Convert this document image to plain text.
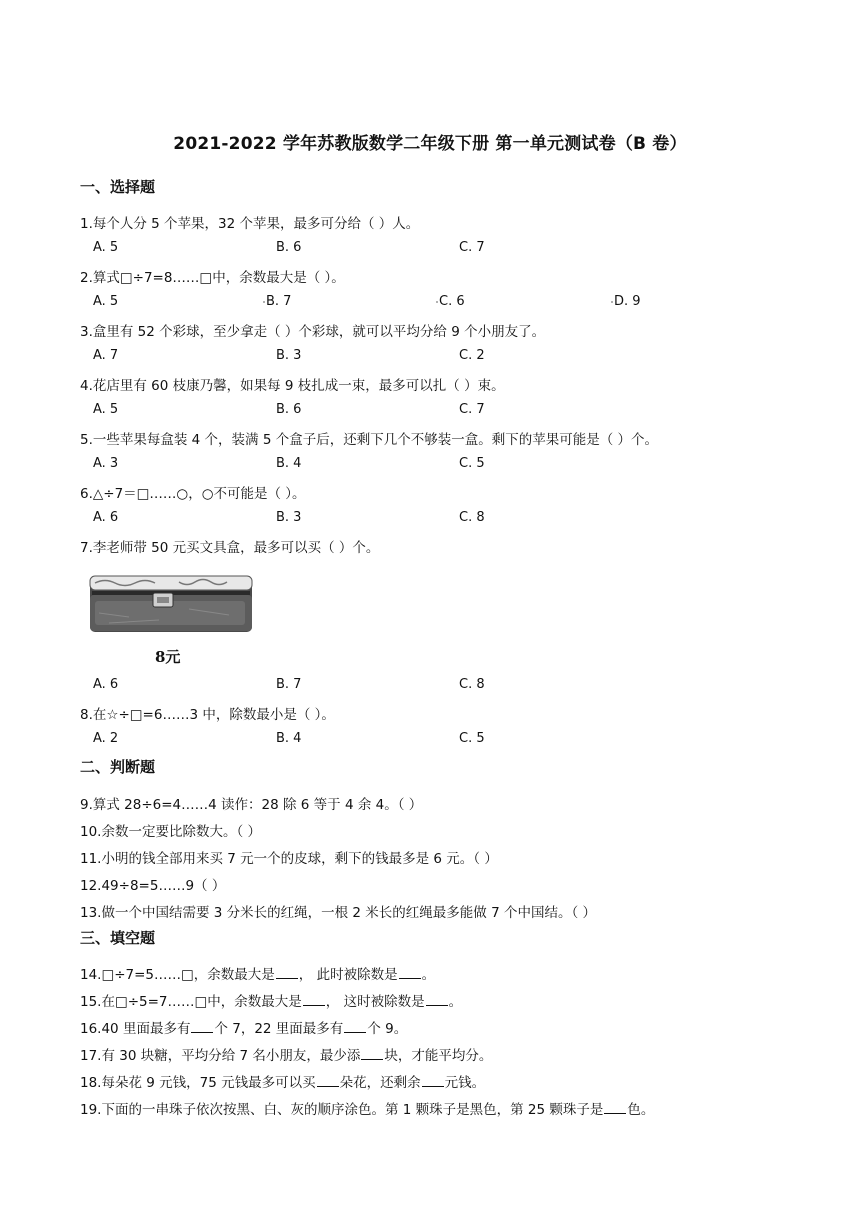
2021-2022 学年苏教版数学二年级下册 第一单元测试卷（B 卷）
一、选择题
1.每个人分 5 个苹果，32 个苹果，最多可分给（ ）人。
A. 5	B. 6	C. 7
2.算式□÷7=8……□中，余数最大是（ ）。
A. 5	B. 7	C. 6	D. 9
3.盒里有 52 个彩球，至少拿走（ ）个彩球，就可以平均分给 9 个小朋友了。
A. 7	B. 3	C. 2
4.花店里有 60 枝康乃馨，如果每 9 枝扎成一束，最多可以扎（ ）束。
A. 5	B. 6	C. 7
5.一些苹果每盒装 4 个，装满 5 个盒子后，还剩下几个不够装一盒。剩下的苹果可能是（ ）个。
A. 3	B. 4	C. 5
6.△÷7＝□……○，○不可能是（ ）。
A. 6	B. 3	C. 8
7.李老师带 50 元买文具盒，最多可以买（ ）个。
8元
A. 6	B. 7	C. 8
8.在☆÷□=6……3 中，除数最小是（ ）。
A. 2	B. 4	C. 5
二、判断题
9.算式 28÷6=4……4 读作：28 除 6 等于 4 余 4。（ ）
10.余数一定要比除数大。（ ）
11.小明的钱全部用来买 7 元一个的皮球，剩下的钱最多是 6 元。（ ）
12.49÷8=5……9（ ）
13.做一个中国结需要 3 分米长的红绳，一根 2 米长的红绳最多能做 7 个中国结。（ ）
三、填空题
14.□÷7=5……□，余数最大是 ， 此时被除数是 。
15.在□÷5=7……□中，余数最大是 ， 这时被除数是 。
16.40 里面最多有 个 7，22 里面最多有 个 9。
17.有 30 块糖，平均分给 7 名小朋友，最少添 块，才能平均分。
18.每朵花 9 元钱，75 元钱最多可以买 朵花，还剩余 元钱。
19.下面的一串珠子依次按黑、白、灰的顺序涂色。第 1 颗珠子是黑色，第 25 颗珠子是 色。
